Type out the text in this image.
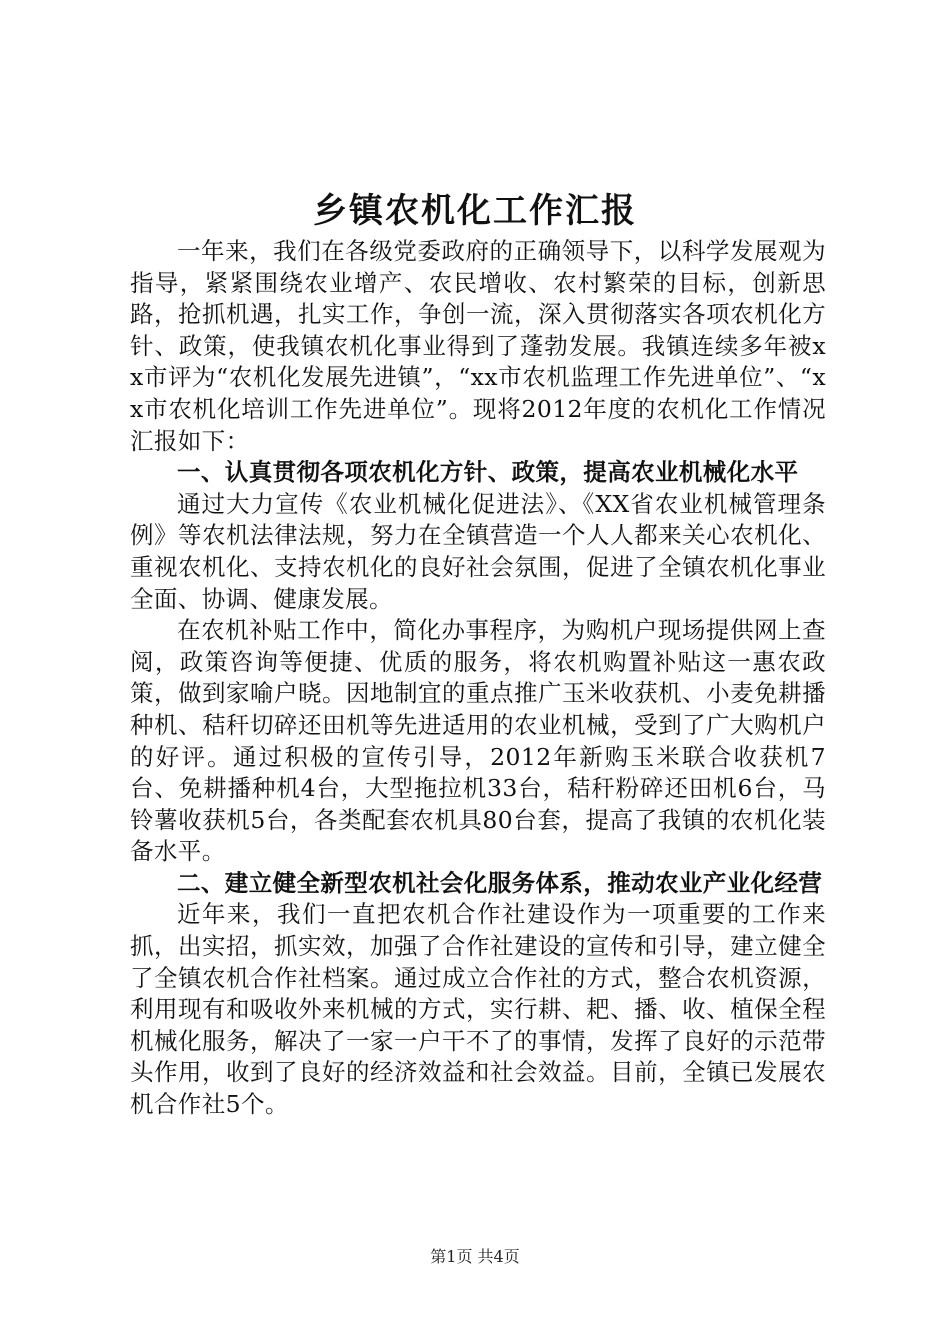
乡镇农机化工作汇报

一年来，我们在各级党委政府的正确领导下，以科学发展观为指导，紧紧围绕农业增产、农民增收、农村繁荣的目标，创新思路，抢抓机遇，扎实工作，争创一流，深入贯彻落实各项农机化方针、政策，使我镇农机化事业得到了蓬勃发展。我镇连续多年被xx市评为“农机化发展先进镇”，“xx市农机监理工作先进单位”、“xx市农机化培训工作先进单位”。现将2012年度的农机化工作情况汇报如下：

一、认真贯彻各项农机化方针、政策，提高农业机械化水平

通过大力宣传《农业机械化促进法》、《XX省农业机械管理条例》等农机法律法规，努力在全镇营造一个人人都来关心农机化、重视农机化、支持农机化的良好社会氛围，促进了全镇农机化事业全面、协调、健康发展。

在农机补贴工作中，简化办事程序，为购机户现场提供网上查阅，政策咨询等便捷、优质的服务，将农机购置补贴这一惠农政策，做到家喻户晓。因地制宜的重点推广玉米收获机、小麦免耕播种机、秸秆切碎还田机等先进适用的农业机械，受到了广大购机户的好评。通过积极的宣传引导，2012年新购玉米联合收获机7台、免耕播种机4台，大型拖拉机33台，秸秆粉碎还田机6台，马铃薯收获机5台，各类配套农机具80台套，提高了我镇的农机化装备水平。

二、建立健全新型农机社会化服务体系，推动农业产业化经营

近年来，我们一直把农机合作社建设作为一项重要的工作来抓，出实招，抓实效，加强了合作社建设的宣传和引导，建立健全了全镇农机合作社档案。通过成立合作社的方式，整合农机资源，利用现有和吸收外来机械的方式，实行耕、耙、播、收、植保全程机械化服务，解决了一家一户干不了的事情，发挥了良好的示范带头作用，收到了良好的经济效益和社会效益。目前，全镇已发展农机合作社5个。

第1页 共4页
